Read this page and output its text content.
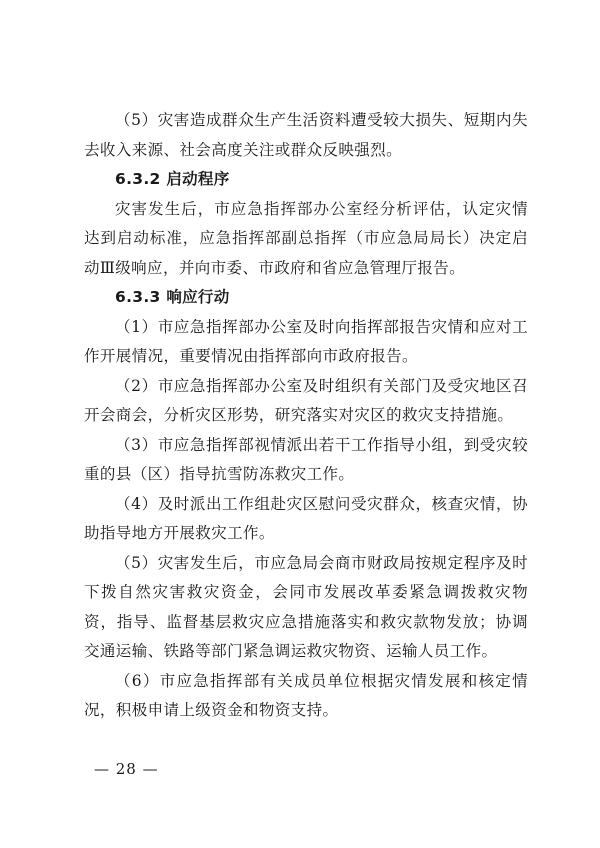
（5）灾害造成群众生产生活资料遭受较大损失、短期内失去收入来源、社会高度关注或群众反映强烈。

6.3.2 启动程序

灾害发生后，市应急指挥部办公室经分析评估，认定灾情达到启动标准，应急指挥部副总指挥（市应急局局长）决定启动Ⅲ级响应，并向市委、市政府和省应急管理厅报告。

6.3.3 响应行动

（1）市应急指挥部办公室及时向指挥部报告灾情和应对工作开展情况，重要情况由指挥部向市政府报告。

（2）市应急指挥部办公室及时组织有关部门及受灾地区召开会商会，分析灾区形势，研究落实对灾区的救灾支持措施。

（3）市应急指挥部视情派出若干工作指导小组，到受灾较重的县（区）指导抗雪防冻救灾工作。

（4）及时派出工作组赴灾区慰问受灾群众，核查灾情，协助指导地方开展救灾工作。

（5）灾害发生后，市应急局会商市财政局按规定程序及时下拨自然灾害救灾资金，会同市发展改革委紧急调拨救灾物资，指导、监督基层救灾应急措施落实和救灾款物发放；协调交通运输、铁路等部门紧急调运救灾物资、运输人员工作。

（6）市应急指挥部有关成员单位根据灾情发展和核定情况，积极申请上级资金和物资支持。

— 28 —
